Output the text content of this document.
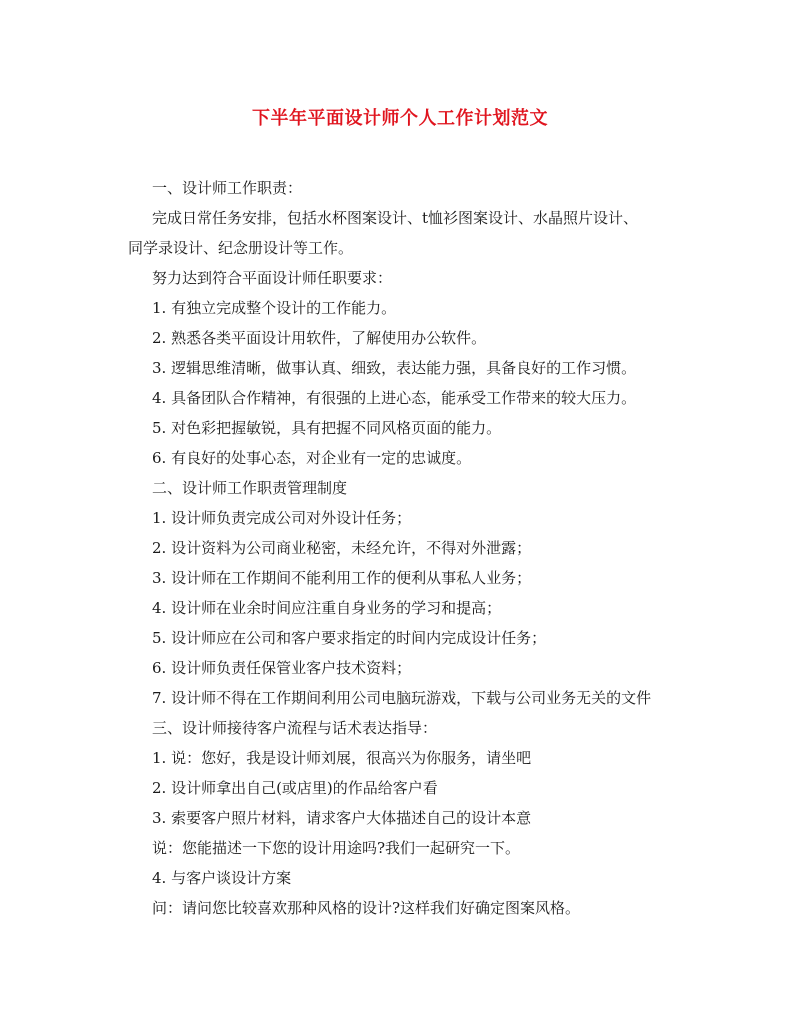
下半年平面设计师个人工作计划范文

一、设计师工作职责：

完成日常任务安排，包括水杯图案设计、t恤衫图案设计、水晶照片设计、

同学录设计、纪念册设计等工作。

努力达到符合平面设计师任职要求：

1. 有独立完成整个设计的工作能力。

2. 熟悉各类平面设计用软件，了解使用办公软件。

3. 逻辑思维清晰，做事认真、细致，表达能力强，具备良好的工作习惯。

4. 具备团队合作精神，有很强的上进心态，能承受工作带来的较大压力。

5. 对色彩把握敏锐，具有把握不同风格页面的能力。

6. 有良好的处事心态，对企业有一定的忠诚度。

二、设计师工作职责管理制度

1. 设计师负责完成公司对外设计任务；

2. 设计资料为公司商业秘密，未经允许，不得对外泄露；

3. 设计师在工作期间不能利用工作的便利从事私人业务；

4. 设计师在业余时间应注重自身业务的学习和提高；

5. 设计师应在公司和客户要求指定的时间内完成设计任务；

6. 设计师负责任保管业客户技术资料；

7. 设计师不得在工作期间利用公司电脑玩游戏，下载与公司业务无关的文件

三、设计师接待客户流程与话术表达指导：

1. 说：您好，我是设计师刘展，很高兴为你服务，请坐吧

2. 设计师拿出自己(或店里)的作品给客户看

3. 索要客户照片材料，请求客户大体描述自己的设计本意

说：您能描述一下您的设计用途吗?我们一起研究一下。

4. 与客户谈设计方案

问：请问您比较喜欢那种风格的设计?这样我们好确定图案风格。
